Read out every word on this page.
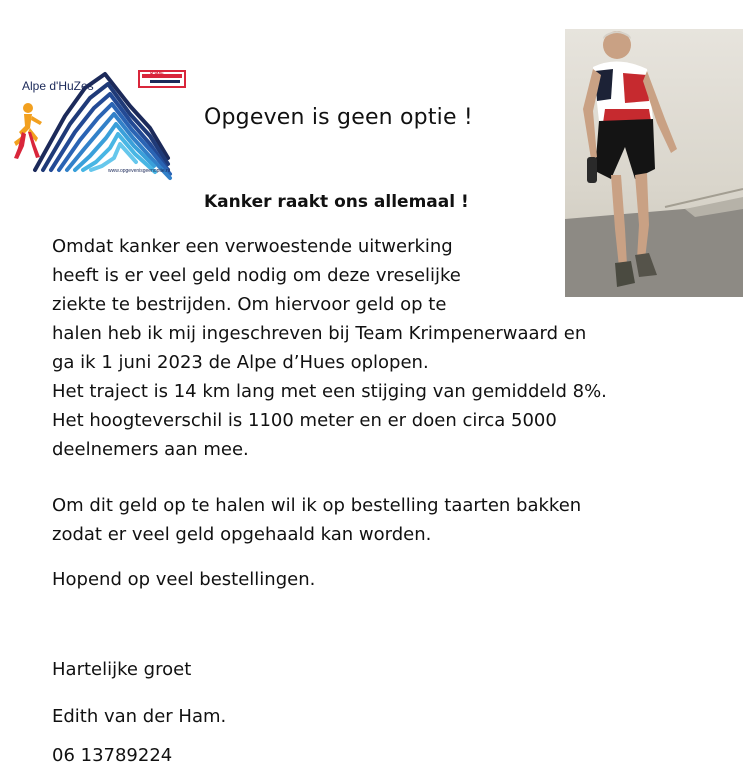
Alpe d'HuZes
KWF
www.opgevenisgeenoptie.nl
Opgeven is geen optie !
Kanker raakt ons allemaal !

Omdat kanker een verwoestende uitwerking
heeft is er veel geld nodig om deze vreselijke
ziekte te bestrijden. Om hiervoor geld op te
halen heb ik mij ingeschreven bij Team Krimpenerwaard en
ga ik 1 juni 2023 de Alpe d’Hues oplopen.
Het traject is 14 km lang met een stijging van gemiddeld 8%.
Het hoogteverschil is 1100 meter en er doen circa 5000
deelnemers aan mee.

Om dit geld op te halen wil ik op bestelling taarten bakken
zodat er veel geld opgehaald kan worden.

Hopend op veel bestellingen.

Hartelijke groet

Edith van der Ham.

06 13789224
